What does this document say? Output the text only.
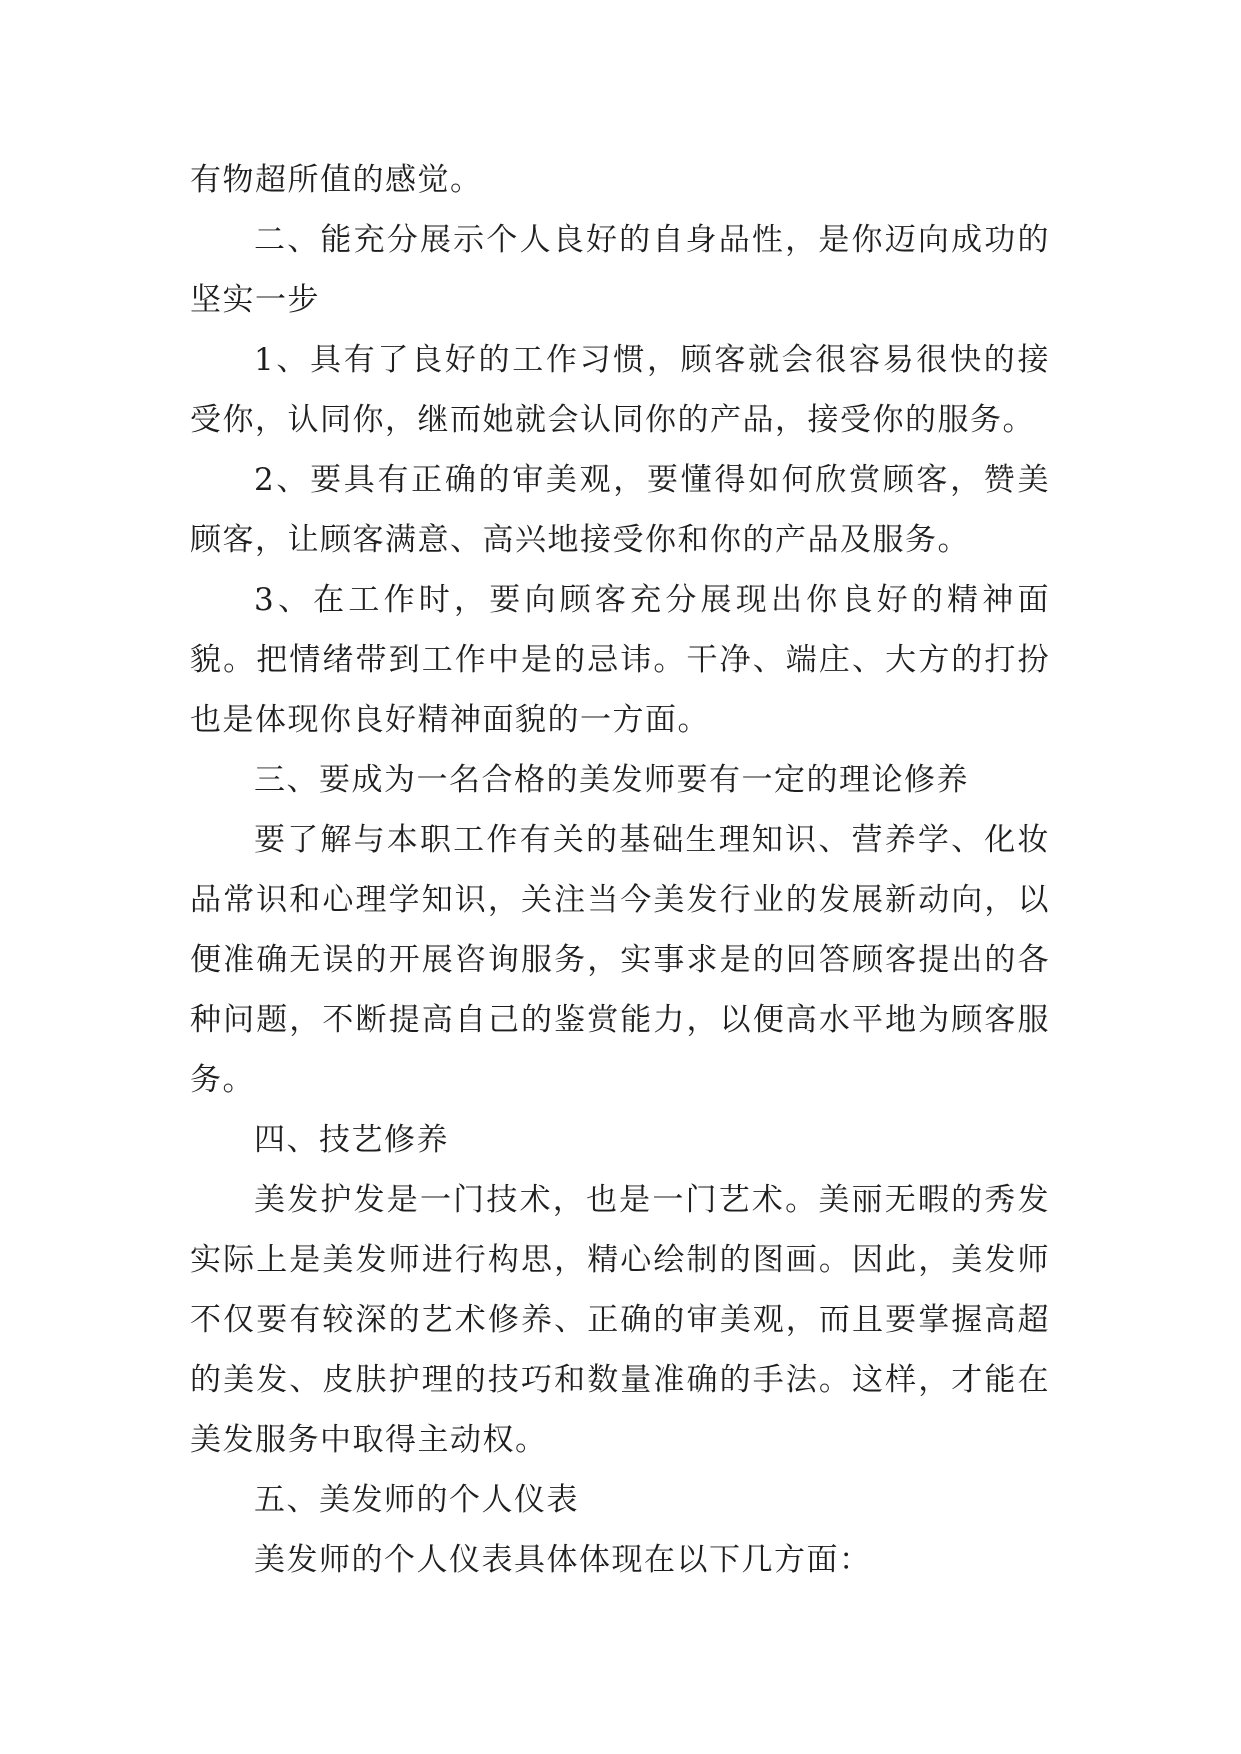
有物超所值的感觉。

二、能充分展示个人良好的自身品性，是你迈向成功的坚实一步

1、具有了良好的工作习惯，顾客就会很容易很快的接受你，认同你，继而她就会认同你的产品，接受你的服务。

2、要具有正确的审美观，要懂得如何欣赏顾客，赞美顾客，让顾客满意、高兴地接受你和你的产品及服务。

3、在工作时，要向顾客充分展现出你良好的精神面貌。把情绪带到工作中是的忌讳。干净、端庄、大方的打扮也是体现你良好精神面貌的一方面。

三、要成为一名合格的美发师要有一定的理论修养

要了解与本职工作有关的基础生理知识、营养学、化妆品常识和心理学知识，关注当今美发行业的发展新动向，以便准确无误的开展咨询服务，实事求是的回答顾客提出的各种问题，不断提高自己的鉴赏能力，以便高水平地为顾客服务。

四、技艺修养

美发护发是一门技术，也是一门艺术。美丽无暇的秀发实际上是美发师进行构思，精心绘制的图画。因此，美发师不仅要有较深的艺术修养、正确的审美观，而且要掌握高超的美发、皮肤护理的技巧和数量准确的手法。这样，才能在美发服务中取得主动权。

五、美发师的个人仪表

美发师的个人仪表具体体现在以下几方面：
